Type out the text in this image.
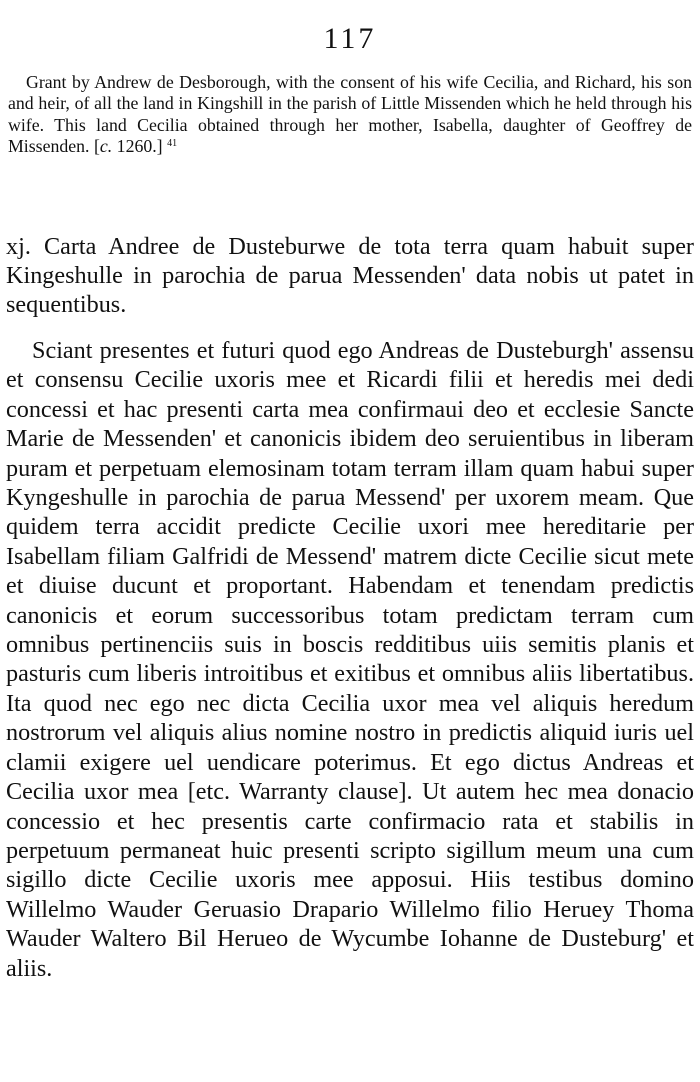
117

Grant by Andrew de Desborough, with the consent of his wife Cecilia, and Richard, his son and heir, of all the land in Kingshill in the parish of Little Missenden which he held through his wife. This land Cecilia obtained through her mother, Isabella, daughter of Geoffrey de Missenden. [c. 1260.] $^{41}$

xj. Carta Andree de Dusteburwe de tota terra quam habuit super Kingeshulle in parochia de parua Messenden' data nobis ut patet in sequentibus.

Sciant presentes et futuri quod ego Andreas de Dusteburgh' assensu et consensu Cecilie uxoris mee et Ricardi filii et heredis mei dedi concessi et hac presenti carta mea confirmaui deo et ecclesie Sancte Marie de Messenden' et canonicis ibidem deo seruientibus in liberam puram et perpetuam elemosinam totam terram illam quam habui super Kyngeshulle in parochia de parua Messend' per uxorem meam. Que quidem terra accidit predicte Cecilie uxori mee hereditarie per Isabellam filiam Galfridi de Messend' matrem dicte Cecilie sicut mete et diuise ducunt et proportant. Habendam et tenendam predictis canonicis et eorum successoribus totam predictam terram cum omnibus pertinenciis suis in boscis redditibus uiis semitis planis et pasturis cum liberis introitibus et exitibus et omnibus aliis libertatibus. Ita quod nec ego nec dicta Cecilia uxor mea vel aliquis heredum nostrorum vel aliquis alius nomine nostro in predictis aliquid iuris uel clamii exigere uel uendicare poterimus. Et ego dictus Andreas et Cecilia uxor mea [etc. Warranty clause]. Ut autem hec mea donacio concessio et hec presentis carte confirmacio rata et stabilis in perpetuum permaneat huic presenti scripto sigillum meum una cum sigillo dicte Cecilie uxoris mee apposui. Hiis testibus domino Willelmo Wauder Geruasio Drapario Willelmo filio Heruey Thoma Wauder Waltero Bil Herueo de Wycumbe Iohanne de Dusteburg' et aliis.
